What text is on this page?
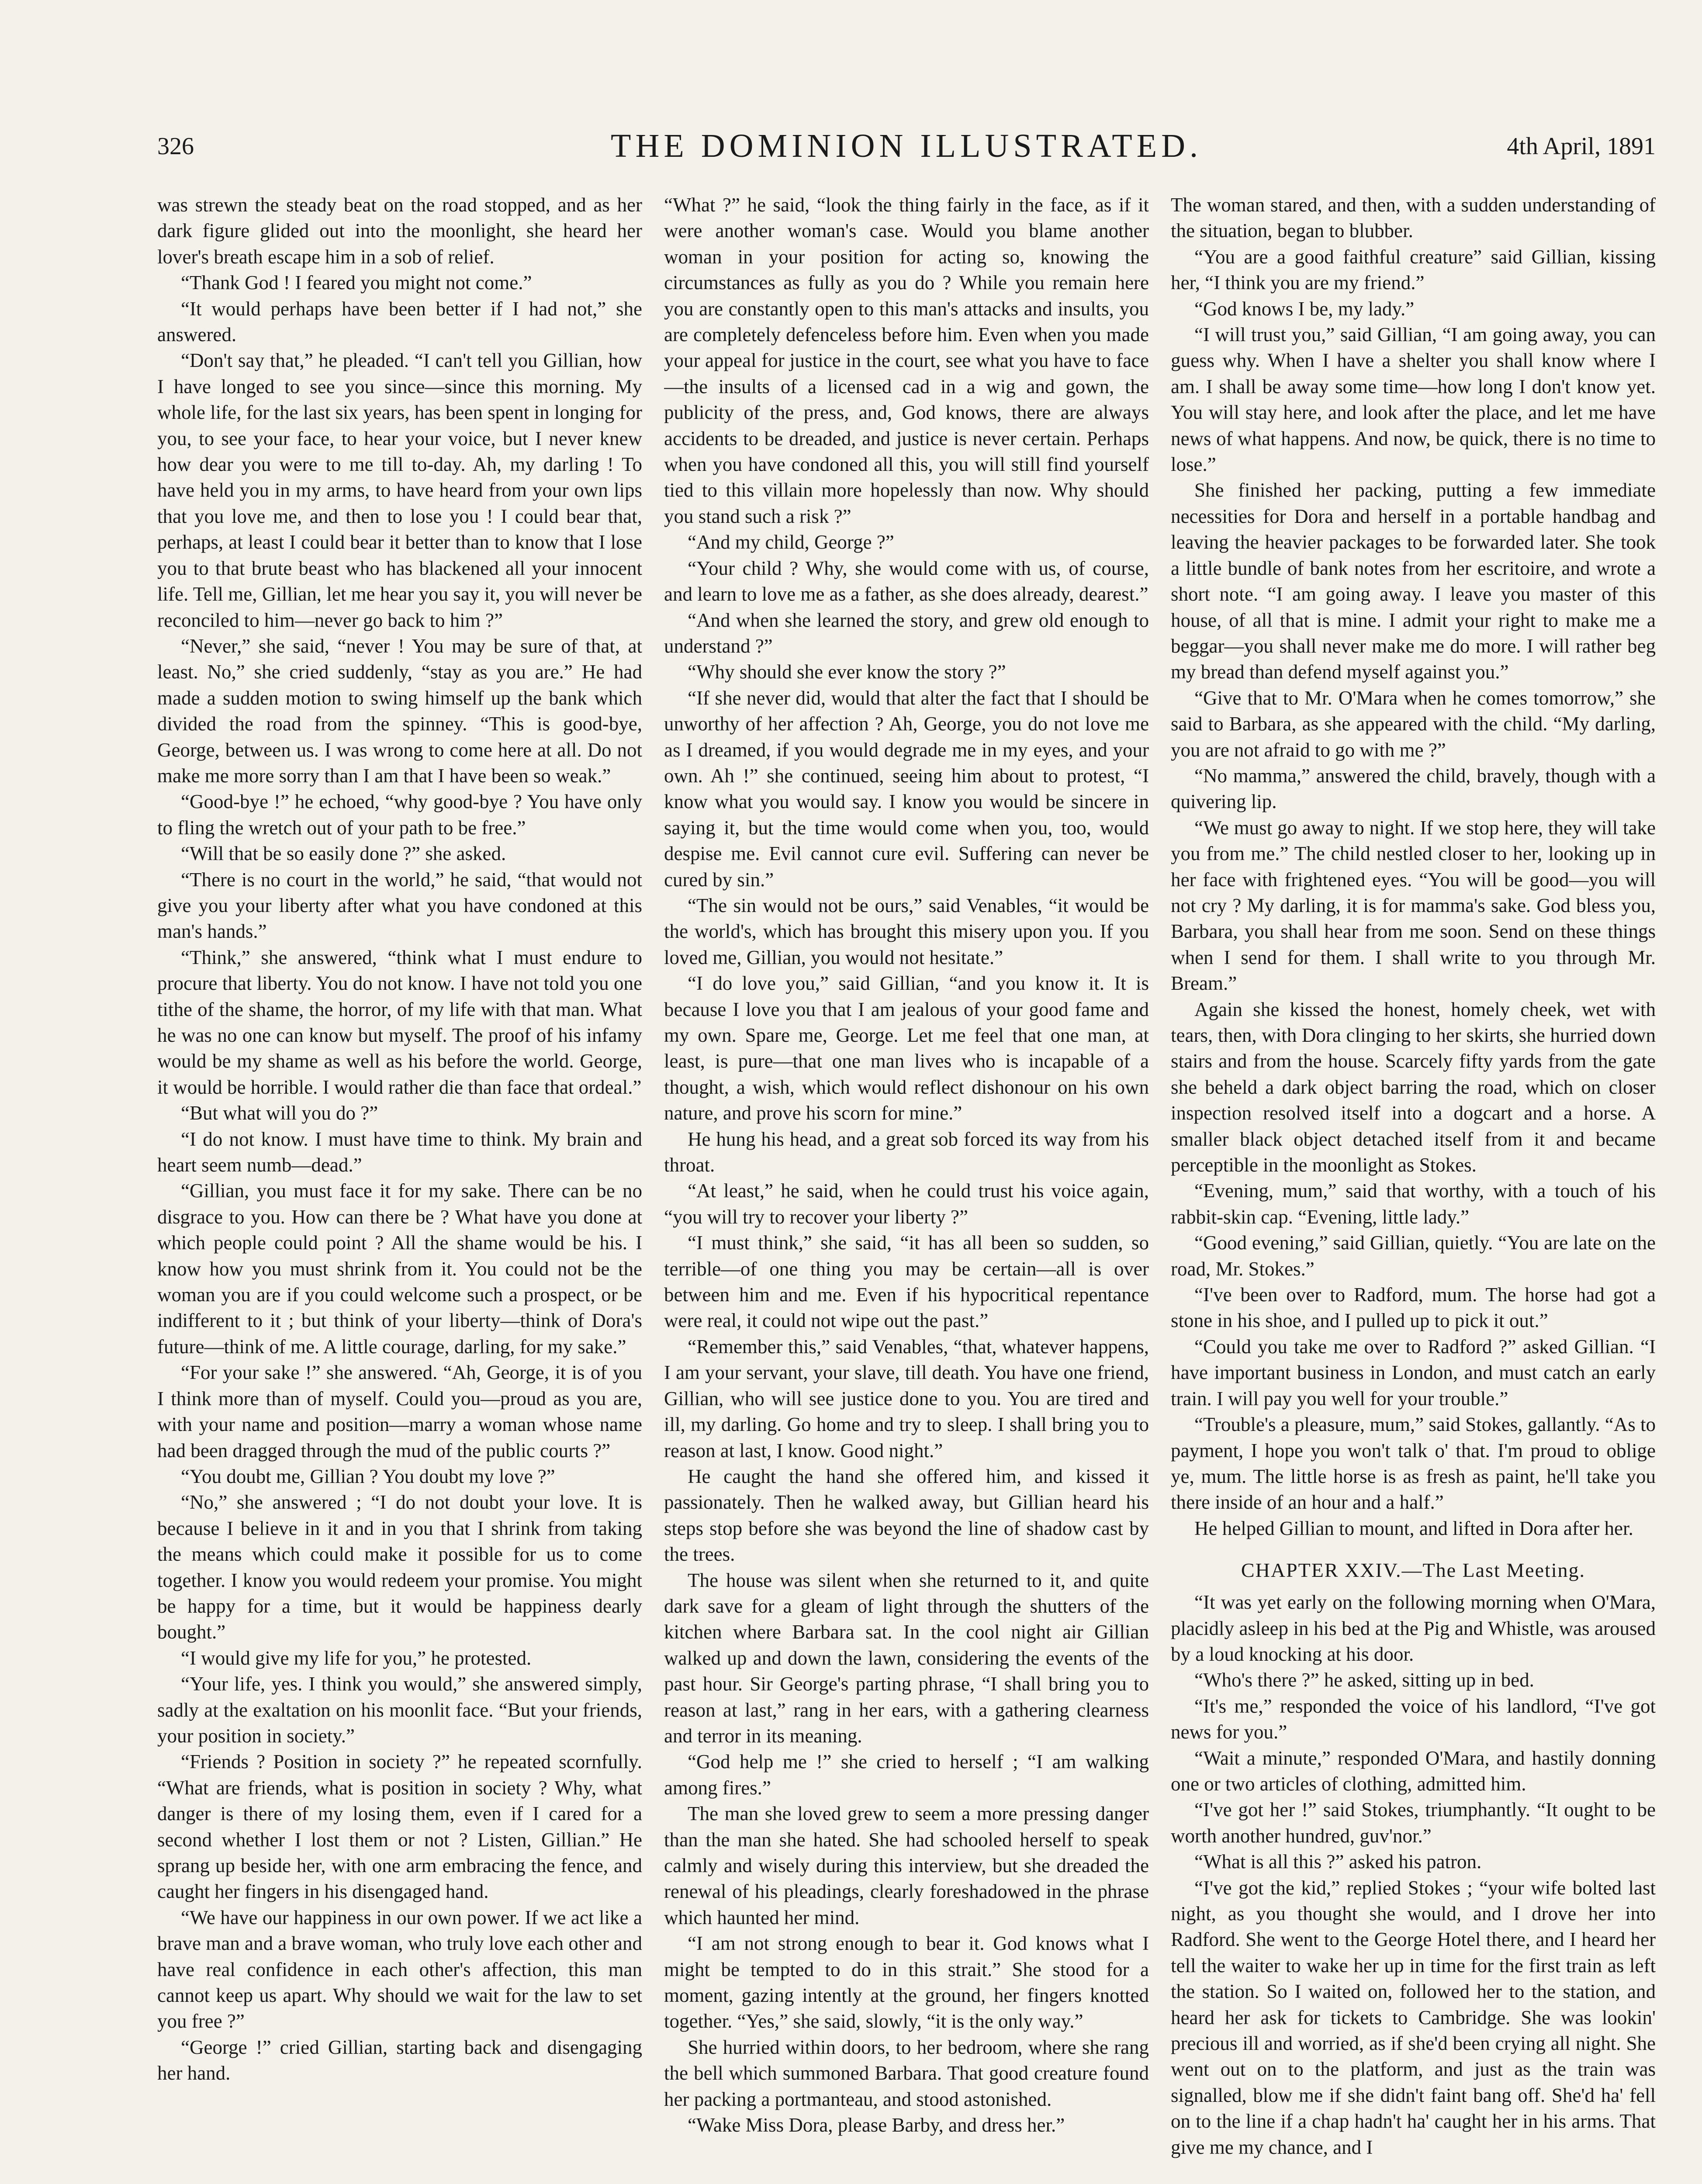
326	THE DOMINION ILLUSTRATED.	4th April, 1891

was strewn the steady beat on the road stopped, and as her dark figure glided out into the moonlight, she heard her lover's breath escape him in a sob of relief.

“Thank God ! I feared you might not come.”

“It would perhaps have been better if I had not,” she answered.

“Don't say that,” he pleaded. “I can't tell you Gillian, how I have longed to see you since—since this morning. My whole life, for the last six years, has been spent in longing for you, to see your face, to hear your voice, but I never knew how dear you were to me till to-day. Ah, my darling ! To have held you in my arms, to have heard from your own lips that you love me, and then to lose you ! I could bear that, perhaps, at least I could bear it better than to know that I lose you to that brute beast who has blackened all your innocent life. Tell me, Gillian, let me hear you say it, you will never be reconciled to him—never go back to him ?”

“Never,” she said, “never ! You may be sure of that, at least. No,” she cried suddenly, “stay as you are.” He had made a sudden motion to swing himself up the bank which divided the road from the spinney. “This is good-bye, George, between us. I was wrong to come here at all. Do not make me more sorry than I am that I have been so weak.”

“Good-bye !” he echoed, “why good-bye ? You have only to fling the wretch out of your path to be free.”

“Will that be so easily done ?” she asked.

“There is no court in the world,” he said, “that would not give you your liberty after what you have condoned at this man's hands.”

“Think,” she answered, “think what I must endure to procure that liberty. You do not know. I have not told you one tithe of the shame, the horror, of my life with that man. What he was no one can know but myself. The proof of his infamy would be my shame as well as his before the world. George, it would be horrible. I would rather die than face that ordeal.”

“But what will you do ?”

“I do not know. I must have time to think. My brain and heart seem numb—dead.”

“Gillian, you must face it for my sake. There can be no disgrace to you. How can there be ? What have you done at which people could point ? All the shame would be his. I know how you must shrink from it. You could not be the woman you are if you could welcome such a prospect, or be indifferent to it ; but think of your liberty—think of Dora's future—think of me. A little courage, darling, for my sake.”

“For your sake !” she answered. “Ah, George, it is of you I think more than of myself. Could you—proud as you are, with your name and position—marry a woman whose name had been dragged through the mud of the public courts ?”

“You doubt me, Gillian ? You doubt my love ?”

“No,” she answered ; “I do not doubt your love. It is because I believe in it and in you that I shrink from taking the means which could make it possible for us to come together. I know you would redeem your promise. You might be happy for a time, but it would be happiness dearly bought.”

“I would give my life for you,” he protested.

“Your life, yes. I think you would,” she answered simply, sadly at the exaltation on his moonlit face. “But your friends, your position in society.”

“Friends ? Position in society ?” he repeated scornfully. “What are friends, what is position in society ? Why, what danger is there of my losing them, even if I cared for a second whether I lost them or not ? Listen, Gillian.” He sprang up beside her, with one arm embracing the fence, and caught her fingers in his disengaged hand.

“We have our happiness in our own power. If we act like a brave man and a brave woman, who truly love each other and have real confidence in each other's affection, this man cannot keep us apart. Why should we wait for the law to set you free ?”

“George !” cried Gillian, starting back and disengaging her hand.

“What ?” he said, “look the thing fairly in the face, as if it were another woman's case. Would you blame another woman in your position for acting so, knowing the circumstances as fully as you do ? While you remain here you are constantly open to this man's attacks and insults, you are completely defenceless before him. Even when you made your appeal for justice in the court, see what you have to face—the insults of a licensed cad in a wig and gown, the publicity of the press, and, God knows, there are always accidents to be dreaded, and justice is never certain. Perhaps when you have condoned all this, you will still find yourself tied to this villain more hopelessly than now. Why should you stand such a risk ?”

“And my child, George ?”

“Your child ? Why, she would come with us, of course, and learn to love me as a father, as she does already, dearest.”

“And when she learned the story, and grew old enough to understand ?”

“Why should she ever know the story ?”

“If she never did, would that alter the fact that I should be unworthy of her affection ? Ah, George, you do not love me as I dreamed, if you would degrade me in my eyes, and your own. Ah !” she continued, seeing him about to protest, “I know what you would say. I know you would be sincere in saying it, but the time would come when you, too, would despise me. Evil cannot cure evil. Suffering can never be cured by sin.”

“The sin would not be ours,” said Venables, “it would be the world's, which has brought this misery upon you. If you loved me, Gillian, you would not hesitate.”

“I do love you,” said Gillian, “and you know it. It is because I love you that I am jealous of your good fame and my own. Spare me, George. Let me feel that one man, at least, is pure—that one man lives who is incapable of a thought, a wish, which would reflect dishonour on his own nature, and prove his scorn for mine.”

He hung his head, and a great sob forced its way from his throat.

“At least,” he said, when he could trust his voice again, “you will try to recover your liberty ?”

“I must think,” she said, “it has all been so sudden, so terrible—of one thing you may be certain—all is over between him and me. Even if his hypocritical repentance were real, it could not wipe out the past.”

“Remember this,” said Venables, “that, whatever happens, I am your servant, your slave, till death. You have one friend, Gillian, who will see justice done to you. You are tired and ill, my darling. Go home and try to sleep. I shall bring you to reason at last, I know. Good night.”

He caught the hand she offered him, and kissed it passionately. Then he walked away, but Gillian heard his steps stop before she was beyond the line of shadow cast by the trees.

The house was silent when she returned to it, and quite dark save for a gleam of light through the shutters of the kitchen where Barbara sat. In the cool night air Gillian walked up and down the lawn, considering the events of the past hour. Sir George's parting phrase, “I shall bring you to reason at last,” rang in her ears, with a gathering clearness and terror in its meaning.

“God help me !” she cried to herself ; “I am walking among fires.”

The man she loved grew to seem a more pressing danger than the man she hated. She had schooled herself to speak calmly and wisely during this interview, but she dreaded the renewal of his pleadings, clearly foreshadowed in the phrase which haunted her mind.

“I am not strong enough to bear it. God knows what I might be tempted to do in this strait.” She stood for a moment, gazing intently at the ground, her fingers knotted together. “Yes,” she said, slowly, “it is the only way.”

She hurried within doors, to her bedroom, where she rang the bell which summoned Barbara. That good creature found her packing a portmanteau, and stood astonished.

“Wake Miss Dora, please Barby, and dress her.”

The woman stared, and then, with a sudden understanding of the situation, began to blubber.

“You are a good faithful creature” said Gillian, kissing her, “I think you are my friend.”

“God knows I be, my lady.”

“I will trust you,” said Gillian, “I am going away, you can guess why. When I have a shelter you shall know where I am. I shall be away some time—how long I don't know yet. You will stay here, and look after the place, and let me have news of what happens. And now, be quick, there is no time to lose.”

She finished her packing, putting a few immediate necessities for Dora and herself in a portable handbag and leaving the heavier packages to be forwarded later. She took a little bundle of bank notes from her escritoire, and wrote a short note. “I am going away. I leave you master of this house, of all that is mine. I admit your right to make me a beggar—you shall never make me do more. I will rather beg my bread than defend myself against you.”

“Give that to Mr. O'Mara when he comes tomorrow,” she said to Barbara, as she appeared with the child. “My darling, you are not afraid to go with me ?”

“No mamma,” answered the child, bravely, though with a quivering lip.

“We must go away to night. If we stop here, they will take you from me.” The child nestled closer to her, looking up in her face with frightened eyes. “You will be good—you will not cry ? My darling, it is for mamma's sake. God bless you, Barbara, you shall hear from me soon. Send on these things when I send for them. I shall write to you through Mr. Bream.”

Again she kissed the honest, homely cheek, wet with tears, then, with Dora clinging to her skirts, she hurried down stairs and from the house. Scarcely fifty yards from the gate she beheld a dark object barring the road, which on closer inspection resolved itself into a dogcart and a horse. A smaller black object detached itself from it and became perceptible in the moonlight as Stokes.

“Evening, mum,” said that worthy, with a touch of his rabbit-skin cap. “Evening, little lady.”

“Good evening,” said Gillian, quietly. “You are late on the road, Mr. Stokes.”

“I've been over to Radford, mum. The horse had got a stone in his shoe, and I pulled up to pick it out.”

“Could you take me over to Radford ?” asked Gillian. “I have important business in London, and must catch an early train. I will pay you well for your trouble.”

“Trouble's a pleasure, mum,” said Stokes, gallantly. “As to payment, I hope you won't talk o' that. I'm proud to oblige ye, mum. The little horse is as fresh as paint, he'll take you there inside of an hour and a half.”

He helped Gillian to mount, and lifted in Dora after her.

CHAPTER XXIV.—The Last Meeting.

“It was yet early on the following morning when O'Mara, placidly asleep in his bed at the Pig and Whistle, was aroused by a loud knocking at his door.

“Who's there ?” he asked, sitting up in bed.

“It's me,” responded the voice of his landlord, “I've got news for you.”

“Wait a minute,” responded O'Mara, and hastily donning one or two articles of clothing, admitted him.

“I've got her !” said Stokes, triumphantly. “It ought to be worth another hundred, guv'nor.”

“What is all this ?” asked his patron.

“I've got the kid,” replied Stokes ; “your wife bolted last night, as you thought she would, and I drove her into Radford. She went to the George Hotel there, and I heard her tell the waiter to wake her up in time for the first train as left the station. So I waited on, followed her to the station, and heard her ask for tickets to Cambridge. She was lookin' precious ill and worried, as if she'd been crying all night. She went out on to the platform, and just as the train was signalled, blow me if she didn't faint bang off. She'd ha' fell on to the line if a chap hadn't ha' caught her in his arms. That give me my chance, and I
